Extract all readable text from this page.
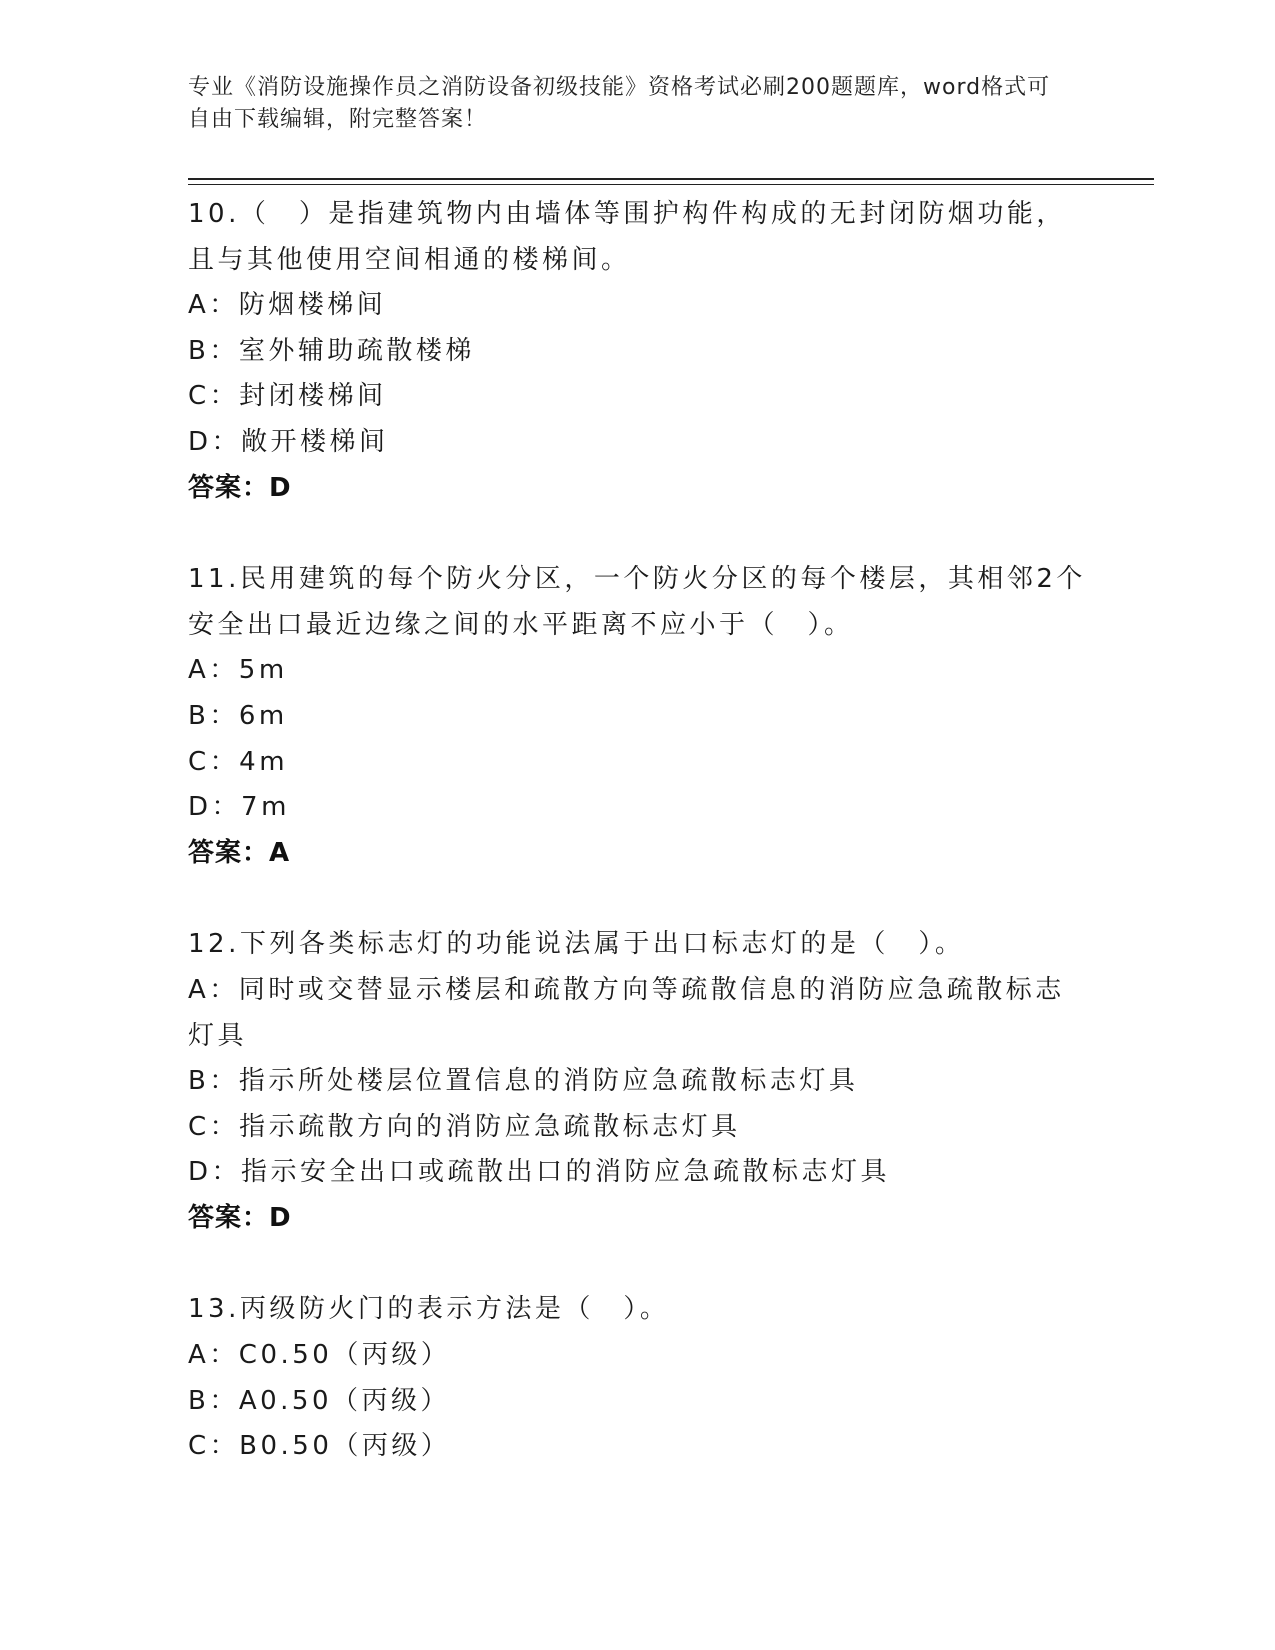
专业《消防设施操作员之消防设备初级技能》资格考试必刷200题题库，word格式可自由下载编辑，附完整答案！
10.（　）是指建筑物内由墙体等围护构件构成的无封闭防烟功能，且与其他使用空间相通的楼梯间。
A：防烟楼梯间
B：室外辅助疏散楼梯
C：封闭楼梯间
D：敞开楼梯间
答案：D
11.民用建筑的每个防火分区，一个防火分区的每个楼层，其相邻2个安全出口最近边缘之间的水平距离不应小于（　）。
A：5m
B：6m
C：4m
D：7m
答案：A
12.下列各类标志灯的功能说法属于出口标志灯的是（　）。
A：同时或交替显示楼层和疏散方向等疏散信息的消防应急疏散标志灯具
B：指示所处楼层位置信息的消防应急疏散标志灯具
C：指示疏散方向的消防应急疏散标志灯具
D：指示安全出口或疏散出口的消防应急疏散标志灯具
答案：D
13.丙级防火门的表示方法是（　）。
A：C0.50（丙级）
B：A0.50（丙级）
C：B0.50（丙级）
